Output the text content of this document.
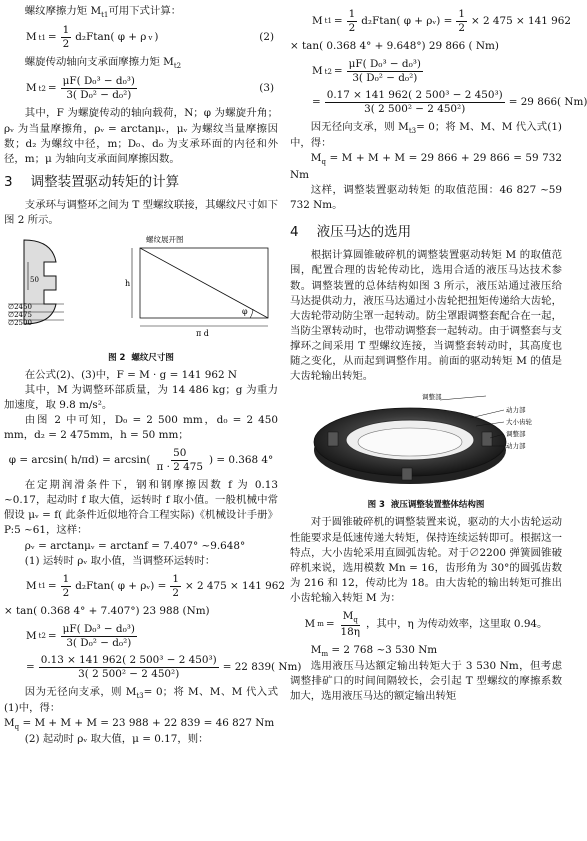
螺纹摩擦力矩 $M_{t1}$可用下式计算：

M $t1 = \frac{1}{2} d_2Ftan$( φ + ρ v )	(2)

螺旋传动轴向支承面摩擦力矩 $M_{t2}$

M $t2 = \frac{\text{μF( D₀³ − d₀³)}}{\text{3( D₀² − d₀²)}}$	(3)

其中，F 为螺旋传动的轴向载荷，N；φ 为螺旋升角；ρᵥ 为当量摩擦角，ρᵥ = arctanμᵥ，μᵥ 为螺纹当量摩擦因数；d₂ 为螺纹中径，m；D₀、d₀ 为支承环面的内径和外径，m；μ 为轴向支承面间摩擦因数。

3 调整装置驱动转矩的计算

支承环与调整环之间为 T 型螺纹联接，其螺纹尺寸如下图 2 所示。

50
∅2450
∅2475
∅2500
螺纹展开图
h
φ
π d
图 2 螺纹尺寸图

在公式(2)、(3)中，F = M · g = 141 962 N

其中，M 为调整环部质量，为 14 486 kg；g 为重力加速度，取 9.8 m/s²。

由图 2 中可知，D₀ = 2 500 mm，d₀ = 2 450 mm，d₂ = 2 475mm，h = 50 mm；

φ = arcsin( $h/\pi d) = \arcsin( \frac{50}{\pi \cdot 2 475}$ ) = 0.368 4°

在定期润滑条件下，钢和钢摩擦因数 f 为 0.13 ~0.17，起动时 f 取大值，运转时 f 取小值。一般机械中常假设 μᵥ = f( 此条件近似地符合工程实际)《机械设计手册》P:5 ~61，这样：

ρᵥ = arctanμᵥ = arctanf = 7.407° ~9.648°

(1) 运转时 ρᵥ 取小值，当调整环运转时：

M $t1 = \frac{1}{2} d_2Ftan$( φ + ρᵥ) = $\frac{1}{2} \times 2$ 475 × 141 962

× tan( 0.368 4° + 7.407°) 23 988 (Nm)

M $t2 = \frac{\text{μF( D₀³ − d₀³)}}{\text{3( D₀² − d₀²)}}$
= $\frac{\text{0.13 × 141 962( 2 500³ − 2 450³)}}{\text{3( 2 500² − 2 450²)}} = 22$ 839( Nm)

因为无径向支承，则 $M_{t3}= 0$；将 M、M、M 代入式(1)中，得：

$M_q = M + M + M = 23$ 988 + 22 839 = 46 827 Nm

(2) 起动时 ρᵥ 取大值，μ = 0.17，则：

M $t1 = \frac{1}{2} d_2Ftan$( φ + ρᵥ) = $\frac{1}{2} \times 2$ 475 × 141 962

× tan( 0.368 4° + 9.648°) 29 866 ( Nm)

M $t2 = \frac{\text{μF( D₀³ − d₀³)}}{\text{3( D₀² − d₀²)}}$
= $\frac{\text{0.17 × 141 962( 2 500³ − 2 450³)}}{\text{3( 2 500² − 2 450²)}} = 29$ 866( Nm)

因无径向支承，则 $M_{t3}= 0$；将 M、M、M 代入式(1)中，得：

$M_q = M + M + M = 29$ 866 + 29 866 = 59 732 Nm

这样，调整装置驱动转矩 的取值范围：46 827 ~59 732 Nm。

4 液压马达的选用

根据计算圆锥破碎机的调整装置驱动转矩 M 的取值范围，配置合理的齿轮传动比，选用合适的液压马达技术参数。调整装置的总体结构如图 3 所示，液压站通过液压给马达提供动力，液压马达通过小齿轮把扭矩传递给大齿轮，大齿轮带动防尘罩一起转动。防尘罩跟调整套配合在一起，当防尘罩转动时，也带动调整套一起转动。由于调整套与支撑环之间采用 T 型螺纹连接，当调整套转动时，其高度也随之变化，从而起到调整作用。前面的驱动转矩 M 的值是大齿轮输出转矩。

调整部
动力部
大小齿轮
调整部
动力部
图 3 液压调整装置整体结构图

对于圆锥破碎机的调整装置来说，驱动的大小齿轮运动性能要求是低速传递大转矩，保持连续运转即可。根据这一特点，大小齿轮采用直圆弧齿轮。对于∅2200 弹簧圆锥破碎机来说，选用模数 Mn = 16，齿形角为 30°的圆弧齿数为 216 和 12，传动比为 18。由大齿轮的输出转矩可推出小齿轮输入转矩 M 为：

M $m = \frac{M_q}{18\eta}$ ，其中，η 为传动效率，这里取 0.94。

$M_m = 2$ 768 ~3 530 Nm

选用液压马达额定输出转矩大于 3 530 Nm，但考虑调整排矿口的时间间隔较长，会引起 T 型螺纹的摩擦系数加大，选用液压马达的额定输出转矩
